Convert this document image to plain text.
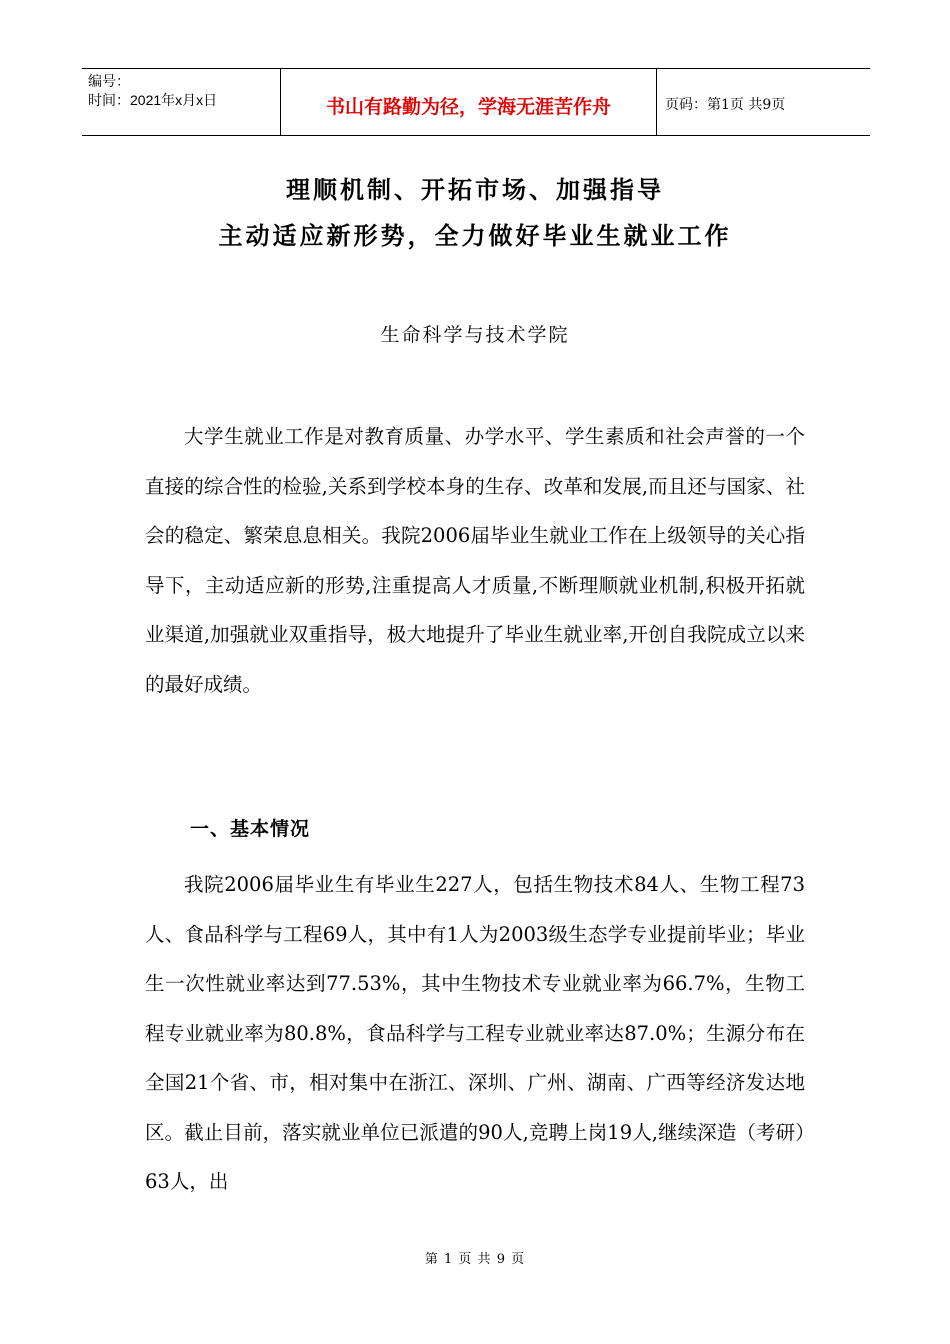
编号：
时间：2021年x月x日	书山有路勤为径，学海无涯苦作舟	页码：第1页 共9页
理顺机制、开拓市场、加强指导
主动适应新形势，全力做好毕业生就业工作
生命科学与技术学院

大学生就业工作是对教育质量、办学水平、学生素质和社会声誉的一个直接的综合性的检验,关系到学校本身的生存、改革和发展,而且还与国家、社会的稳定、繁荣息息相关。我院2006届毕业生就业工作在上级领导的关心指导下，主动适应新的形势,注重提高人才质量,不断理顺就业机制,积极开拓就业渠道,加强就业双重指导，极大地提升了毕业生就业率,开创自我院成立以来的最好成绩。

一、基本情况

我院2006届毕业生有毕业生227人，包括生物技术84人、生物工程73人、食品科学与工程69人，其中有1人为2003级生态学专业提前毕业；毕业生一次性就业率达到77.53%，其中生物技术专业就业率为66.7%，生物工程专业就业率为80.8%，食品科学与工程专业就业率达87.0%；生源分布在全国21个省、市，相对集中在浙江、深圳、广州、湖南、广西等经济发达地区。截止目前，落实就业单位已派遣的90人,竞聘上岗19人,继续深造（考研）63人，出

第 1 页 共 9 页
